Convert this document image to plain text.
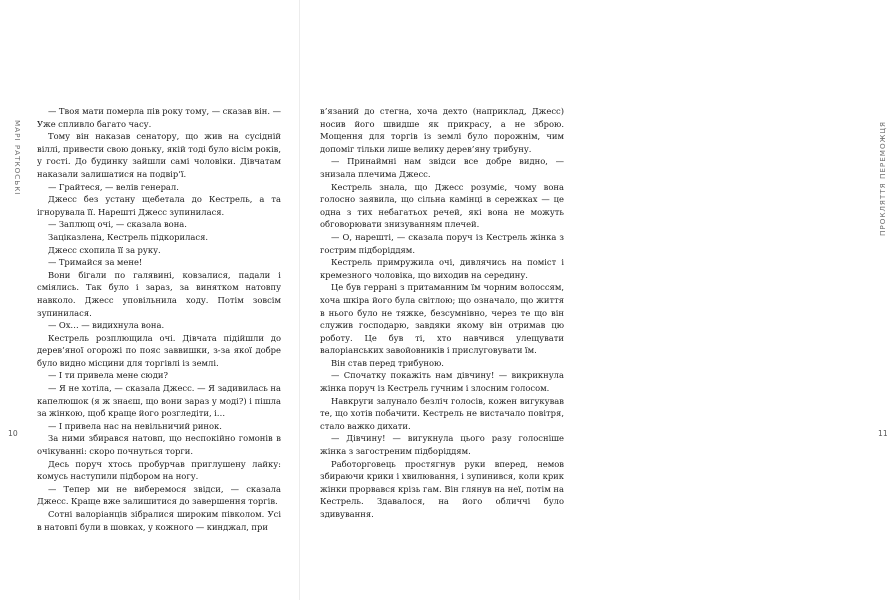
МАРІ РАТКОСЬКІ

— Твоя мати померла пів року тому, — сказав він. — Уже спливло багато часу.

Тому він наказав сенатору, що жив на сусідній віллі, привести свою доньку, якій тоді було вісім років, у гості. До будинку зайшли самі чоловіки. Дівчатам наказали залишатися на подвір’ї.

— Грайтеся, — велів генерал.

Джесс без устану щебетала до Кестрель, а та ігнорувала її. Нарешті Джесс зупинилася.

— Заплющ очі, — сказала вона.

Заціказлена, Кестрель підкорилася.

Джесс схопила її за руку.

— Тримайся за мене!

Вони бігали по галявині, ковзалися, падали і сміялись. Так було і зараз, за винятком натовпу навколо. Джесс уповільнила ходу. Потім зовсім зупинилася.

— Ох… — видихнула вона.

Кестрель розплющила очі. Дівчата підійшли до дерев’яної огорожі по пояс заввишки, з-за якої добре було видно місцини для торгівлі із землі.

— І ти привела мене сюди?

— Я не хотіла, — сказала Джесс. — Я задивилась на капелюшок (я ж знаєш, що вони зараз у моді?) і пішла за жінкою, щоб краще його розгледіти, і…

— І привела нас на невільничий ринок.

За ними збирався натовп, що неспокійно гомонів в очікуванні: скоро почнуться торги.

Десь поруч хтось пробурчав приглушену лайку: комусь наступили підбором на ногу.

— Тепер ми не виберемося звідси, — сказала Джесс. Краще вже залишитися до завершення торгів.

Сотні валоріанців зібралися широким півколом. Усі в натовпі були в шовках, у кожного — кинджал, при

10
ПРОКЛЯТТЯ ПЕРЕМОЖЦЯ
11

в’язаний до стегна, хоча дехто (наприклад, Джесс) носив його швидше як прикрасу, а не зброю. Мощення для торгів із землі було порожнім, чим допоміг тільки лише велику дерев’яну трибуну.

— Принаймні нам звідси все добре видно, — знизала плечима Джесс.

Кестрель знала, що Джесс розуміє, чому вона голосно заявила, що сільна камінці в сережках — це одна з тих небагатьох речей, які вона не можуть обговорювати знизуванням плечей.

— О, нарешті, — сказала поруч із Кестрель жінка з гострим підборіддям.

Кестрель примружила очі, дивлячись на поміст і кремезного чоловіка, що виходив на середину.

Це був геррані з притаманним їм чорним волоссям, хоча шкіра його була світлою; що означало, що життя в нього було не тяжке, безсумнівно, через те що він служив господарю, завдяки якому він отримав цю роботу. Це був ті, хто навчився улещувати валоріанських завойовників і прислуговувати їм.

Він став перед трибуною.

— Спочатку покажіть нам дівчину! — викрикнула жінка поруч із Кестрель гучним і злосним голосом.

Навкруги залунало безліч голосів, кожен вигукував те, що хотів побачити. Кестрель не вистачало повітря, стало важко дихати.

— Дівчину! — вигукнула цього разу голосніше жінка з загостреним підборіддям.

Работорговець простягнув руки вперед, немов збираючи крики і хвилювання, і зупинився, коли крик жінки прорвався крізь гам. Він глянув на неї, потім на Кестрель. Здавалося, на його обличчі було здивування.
